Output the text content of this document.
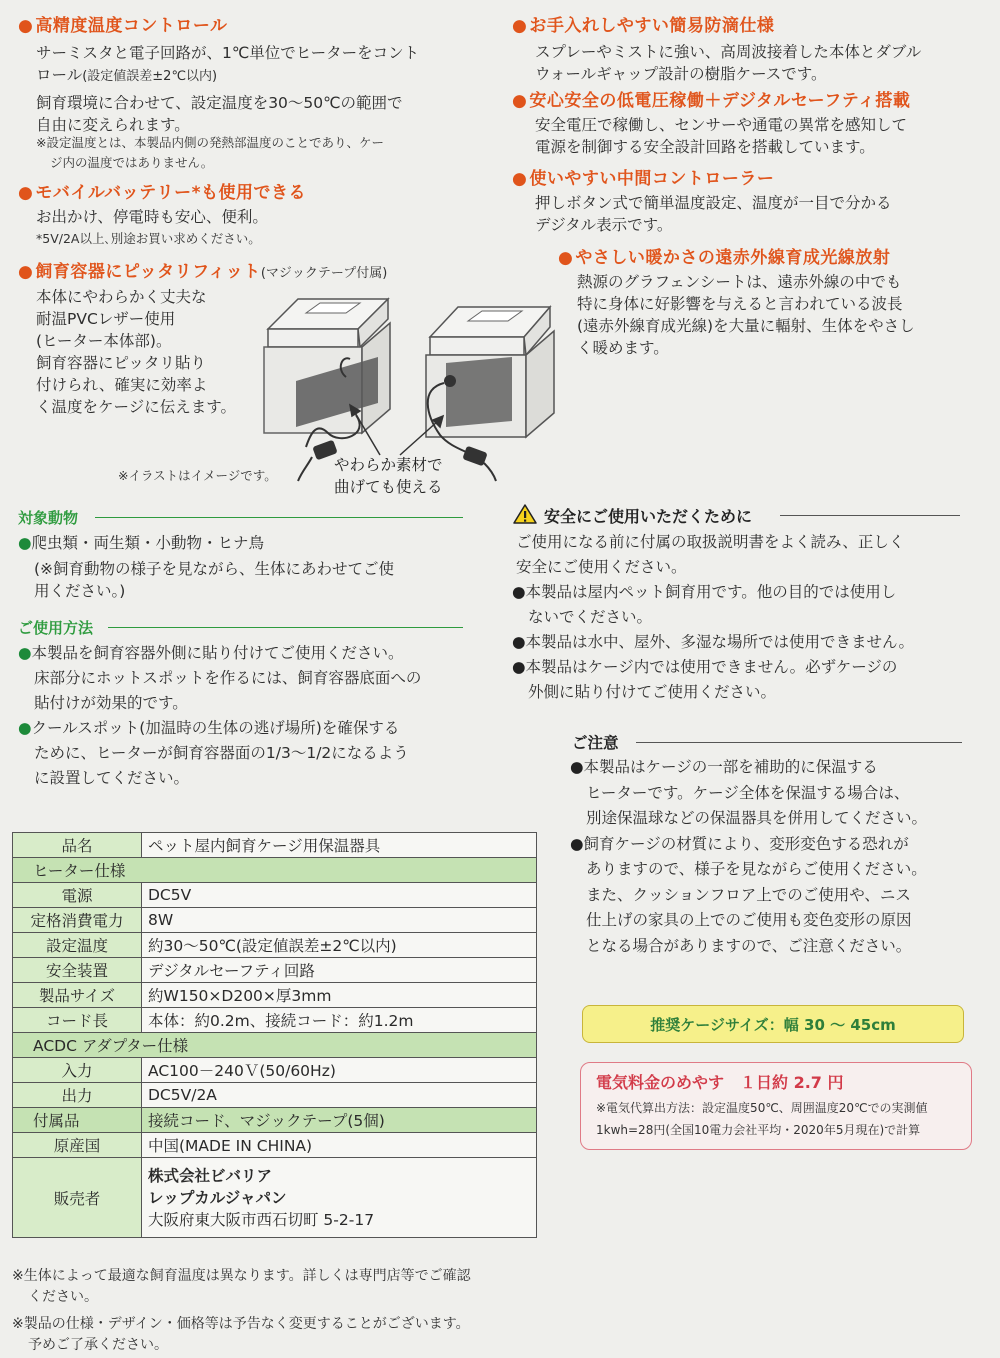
● 高精度温度コントロール

サーミスタと電子回路が、1℃単位でヒーターをコント

ロール(設定値誤差±2℃以内)

飼育環境に合わせて、設定温度を30～50℃の範囲で

自由に変えられます。

※設定温度とは、本製品内側の発熱部温度のことであり、ケー
ジ内の温度ではありません。
● モバイルバッテリー*も使用できる
お出かけ、停電時も安心、便利。
*5V/2A以上､別途お買い求めください。
● 飼育容器にピッタリフィット(マジックテープ付属)

本体にやわらかく丈夫な

耐温PVCレザー使用

(ヒーター本体部)。

飼育容器にピッタリ貼り

付けられ、確実に効率よ

く温度をケージに伝えます。

※イラストはイメージです。
やわらか素材で
曲げても使える
対象動物

●爬虫類・両生類・小動物・ヒナ鳥

(※飼育動物の様子を見ながら、生体にあわせてご使

用ください。)

ご使用方法

●本製品を飼育容器外側に貼り付けてご使用ください。

床部分にホットスポットを作るには、飼育容器底面への

貼付けが効果的です。

●クールスポット(加温時の生体の逃げ場所)を確保する

ために、ヒーターが飼育容器面の1/3～1/2になるよう

に設置してください。

品名	ペット屋内飼育ケージ用保温器具
ヒーター仕様	
電源	DC5V
定格消費電力	8W
設定温度	約30～50℃(設定値誤差±2℃以内)
安全装置	デジタルセーフティ回路
製品サイズ	約W150×D200×厚3mm
コード長	本体：約0.2m、接続コード：約1.2m
ACDC アダプター仕様	
入力	AC100－240Ｖ(50/60Hz)
出力	DC5V/2A
付属品	接続コード、マジックテープ(5個)
原産国	中国(MADE IN CHINA)
販売者	株式会社ビバリア
レップカルジャパン
大阪府東大阪市西石切町 5-2-17
※生体によって最適な飼育温度は異なります。詳しくは専門店等でご確認
ください。
※製品の仕様・デザイン・価格等は予告なく変更することがございます。
予めご了承ください。
● お手入れしやすい簡易防滴仕様

スプレーやミストに強い、高周波接着した本体とダブル

ウォールギャップ設計の樹脂ケースです。

● 安心安全の低電圧稼働＋デジタルセーフティ搭載

安全電圧で稼働し、センサーや通電の異常を感知して

電源を制御する安全設計回路を搭載しています。

● 使いやすい中間コントローラー

押しボタン式で簡単温度設定、温度が一目で分かる

デジタル表示です。

● やさしい暖かさの遠赤外線育成光線放射

熱源のグラフェンシートは、遠赤外線の中でも

特に身体に好影響を与えると言われている波長

(遠赤外線育成光線)を大量に輻射、生体をやさし

く暖めます。

安全にご使用いただくために

ご使用になる前に付属の取扱説明書をよく読み、正しく

安全にご使用ください。

●本製品は屋内ペット飼育用です。他の目的では使用し

ないでください。

●本製品は水中、屋外、多湿な場所では使用できません。

●本製品はケージ内では使用できません。必ずケージの

外側に貼り付けてご使用ください。

ご注意

●本製品はケージの一部を補助的に保温する

ヒーターです。ケージ全体を保温する場合は、

別途保温球などの保温器具を併用してください。

●飼育ケージの材質により、変形変色する恐れが

ありますので、様子を見ながらご使用ください。

また、クッションフロア上でのご使用や、ニス

仕上げの家具の上でのご使用も変色変形の原因

となる場合がありますので、ご注意ください。

推奨ケージサイズ：幅 30 ～ 45cm
電気料金のめやす　１日約 2.7 円
※電気代算出方法：設定温度50℃、周囲温度20℃での実測値
1kwh=28円(全国10電力会社平均・2020年5月現在)で計算
